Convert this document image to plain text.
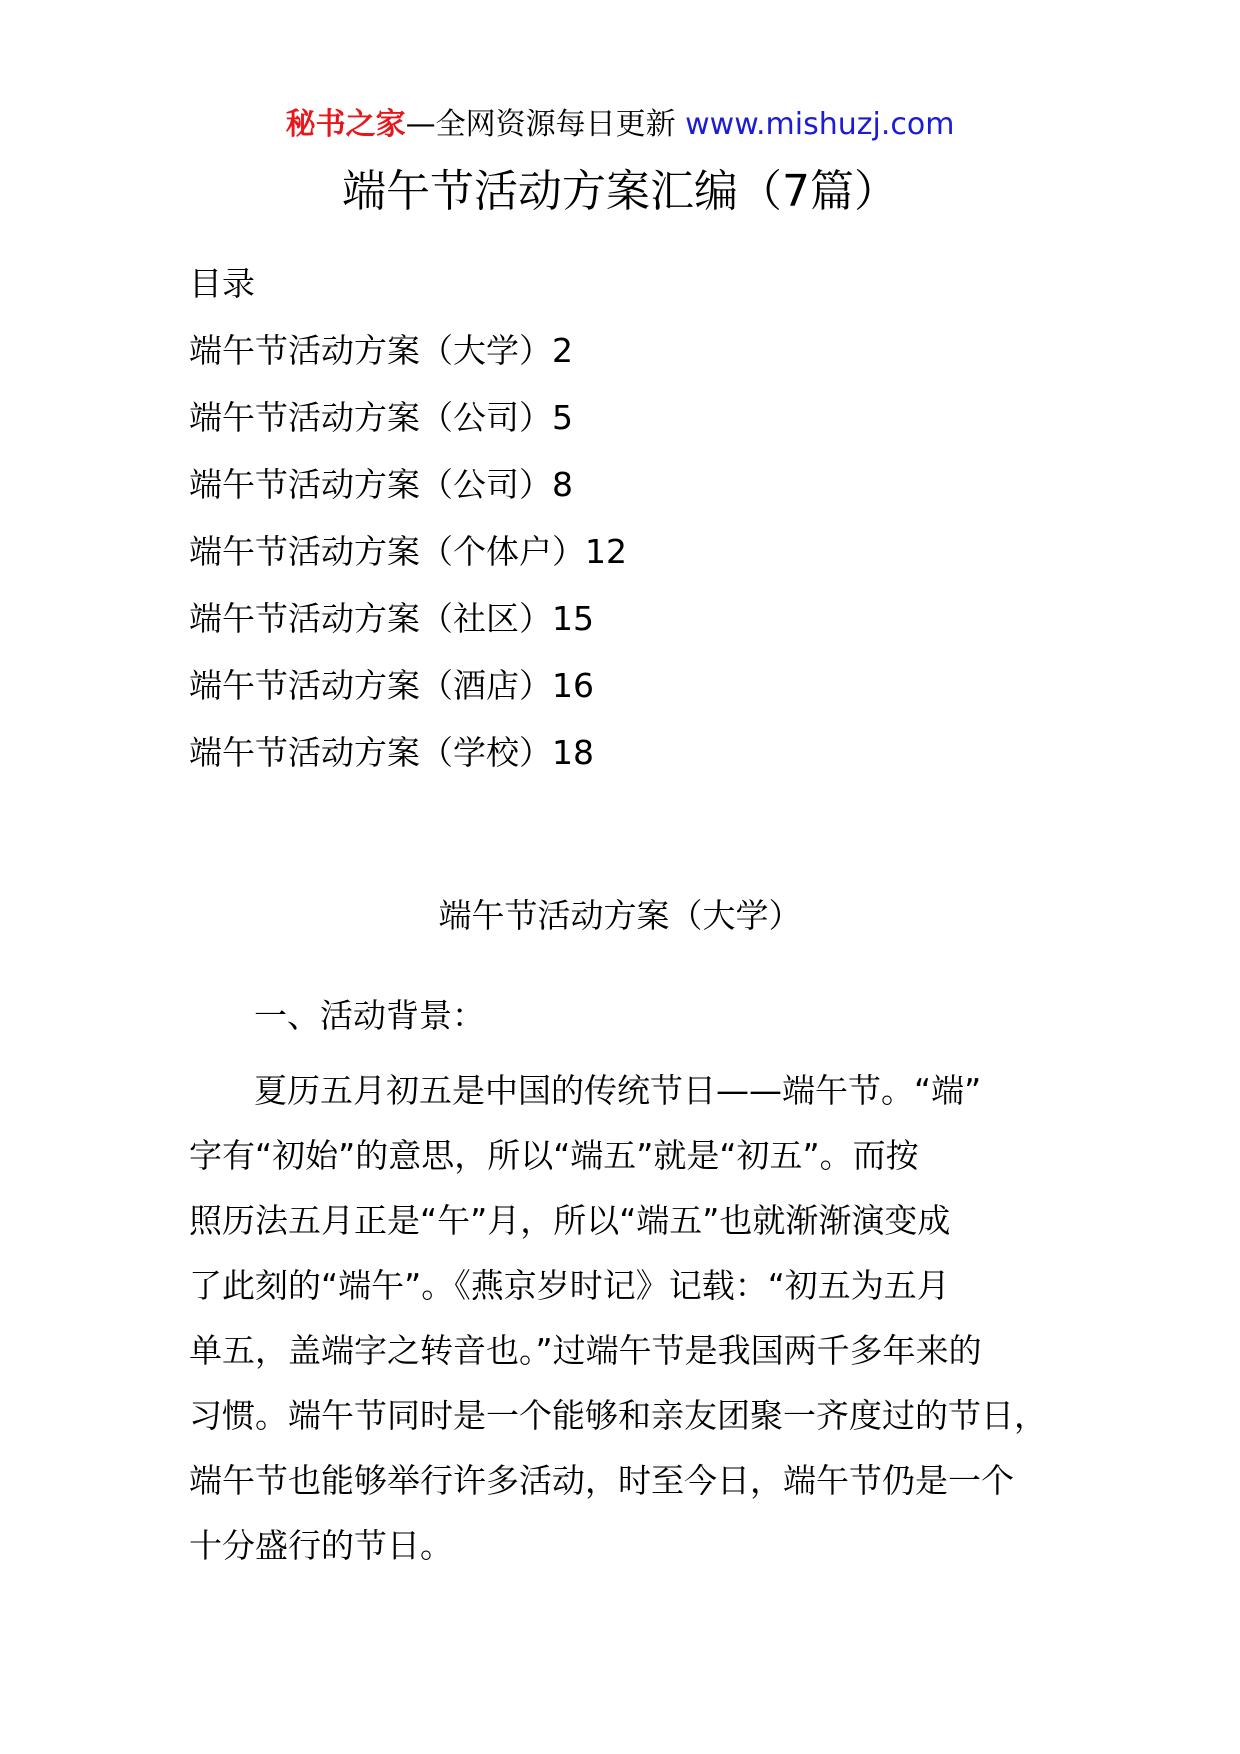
秘书之家—全网资源每日更新 www.mishuzj.com
端午节活动方案汇编（7篇）
目录
端午节活动方案（大学）2
端午节活动方案（公司）5
端午节活动方案（公司）8
端午节活动方案（个体户）12
端午节活动方案（社区）15
端午节活动方案（酒店）16
端午节活动方案（学校）18
端午节活动方案（大学）
一、活动背景：

夏历五月初五是中国的传统节日——端午节。“端”
字有“初始”的意思，所以“端五”就是“初五”。而按
照历法五月正是“午”月，所以“端五”也就渐渐演变成
了此刻的“端午”。《燕京岁时记》记载：“初五为五月
单五，盖端字之转音也。”过端午节是我国两千多年来的
习惯。端午节同时是一个能够和亲友团聚一齐度过的节日，
端午节也能够举行许多活动，时至今日，端午节仍是一个
十分盛行的节日。
